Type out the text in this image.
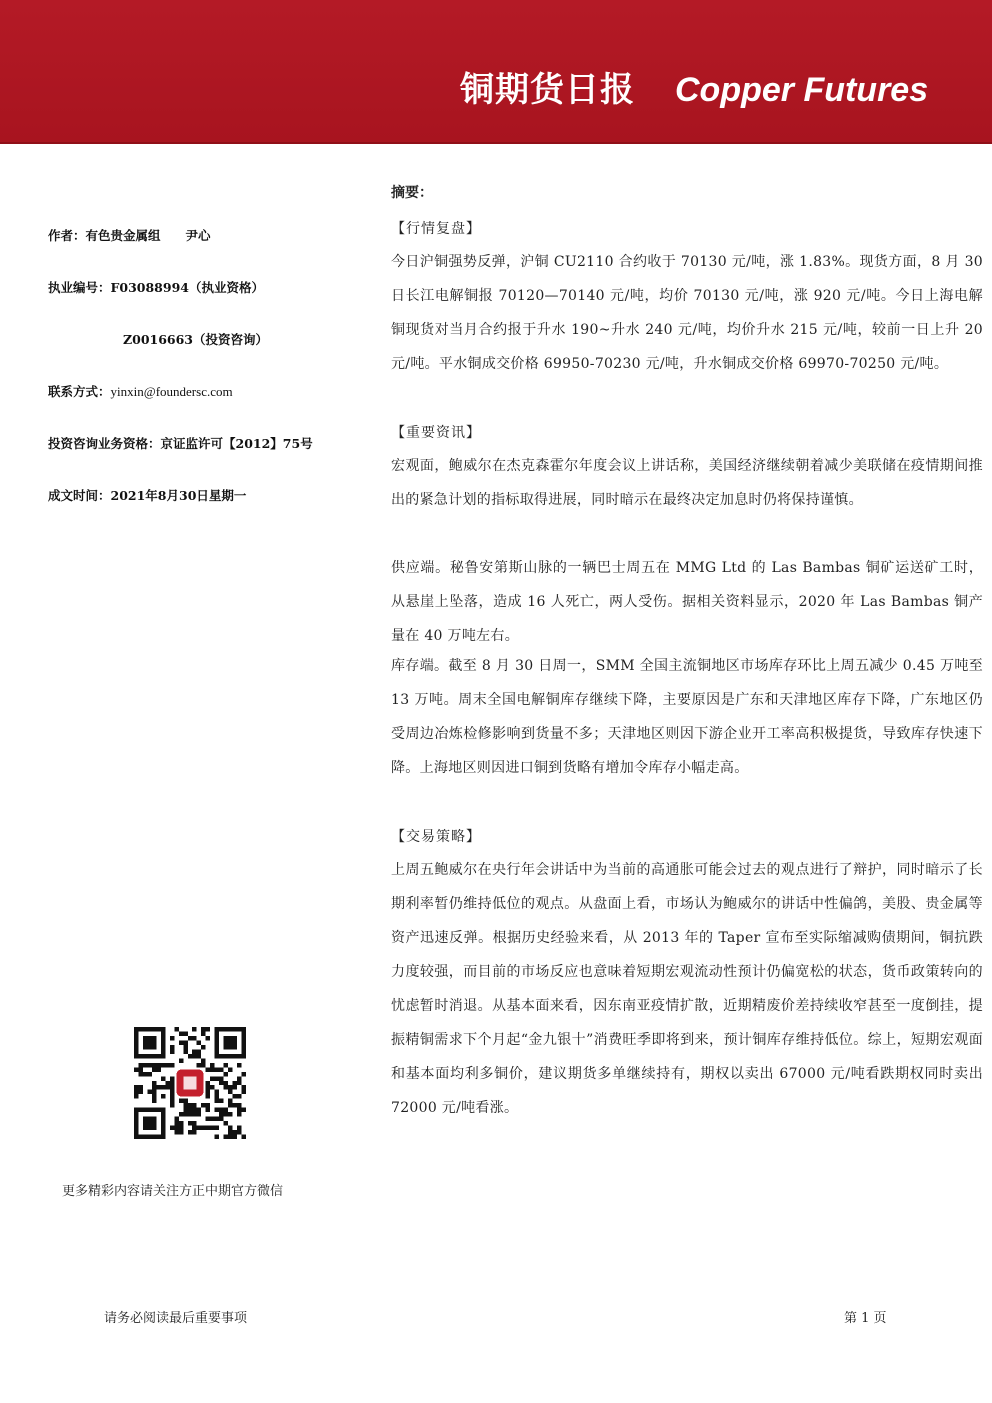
铜期货日报 Copper Futures
作者：有色贵金属组　　尹心
执业编号：F03088994（执业资格）
Z0016663（投资咨询）
联系方式：yinxin@foundersc.com
投资咨询业务资格：京证监许可【2012】75号
成文时间：2021年8月30日星期一
更多精彩内容请关注方正中期官方微信
摘要：
【行情复盘】
今日沪铜强势反弹，沪铜 CU2110 合约收于 70130 元/吨，涨 1.83%。现货方面，8 月 30 日长江电解铜报 70120—70140 元/吨，均价 70130 元/吨，涨 920 元/吨。今日上海电解铜现货对当月合约报于升水 190~升水 240 元/吨，均价升水 215 元/吨，较前一日上升 20 元/吨。平水铜成交价格 69950-70230 元/吨，升水铜成交价格 69970-70250 元/吨。
【重要资讯】
宏观面，鲍威尔在杰克森霍尔年度会议上讲话称，美国经济继续朝着减少美联储在疫情期间推出的紧急计划的指标取得进展，同时暗示在最终决定加息时仍将保持谨慎。
供应端。秘鲁安第斯山脉的一辆巴士周五在 MMG Ltd 的 Las Bambas 铜矿运送矿工时，从悬崖上坠落，造成 16 人死亡，两人受伤。据相关资料显示，2020 年 Las Bambas 铜产量在 40 万吨左右。
库存端。截至 8 月 30 日周一，SMM 全国主流铜地区市场库存环比上周五减少 0.45 万吨至 13 万吨。周末全国电解铜库存继续下降，主要原因是广东和天津地区库存下降，广东地区仍受周边冶炼检修影响到货量不多；天津地区则因下游企业开工率高积极提货，导致库存快速下降。上海地区则因进口铜到货略有增加令库存小幅走高。
【交易策略】
上周五鲍威尔在央行年会讲话中为当前的高通胀可能会过去的观点进行了辩护，同时暗示了长期利率暂仍维持低位的观点。从盘面上看，市场认为鲍威尔的讲话中性偏鸽，美股、贵金属等资产迅速反弹。根据历史经验来看，从 2013 年的 Taper 宣布至实际缩减购债期间，铜抗跌力度较强，而目前的市场反应也意味着短期宏观流动性预计仍偏宽松的状态，货币政策转向的忧虑暂时消退。从基本面来看，因东南亚疫情扩散，近期精废价差持续收窄甚至一度倒挂，提振精铜需求下个月起“金九银十”消费旺季即将到来，预计铜库存维持低位。综上，短期宏观面和基本面均利多铜价，建议期货多单继续持有，期权以卖出 67000 元/吨看跌期权同时卖出 72000 元/吨看涨。
请务必阅读最后重要事项	第 1 页
